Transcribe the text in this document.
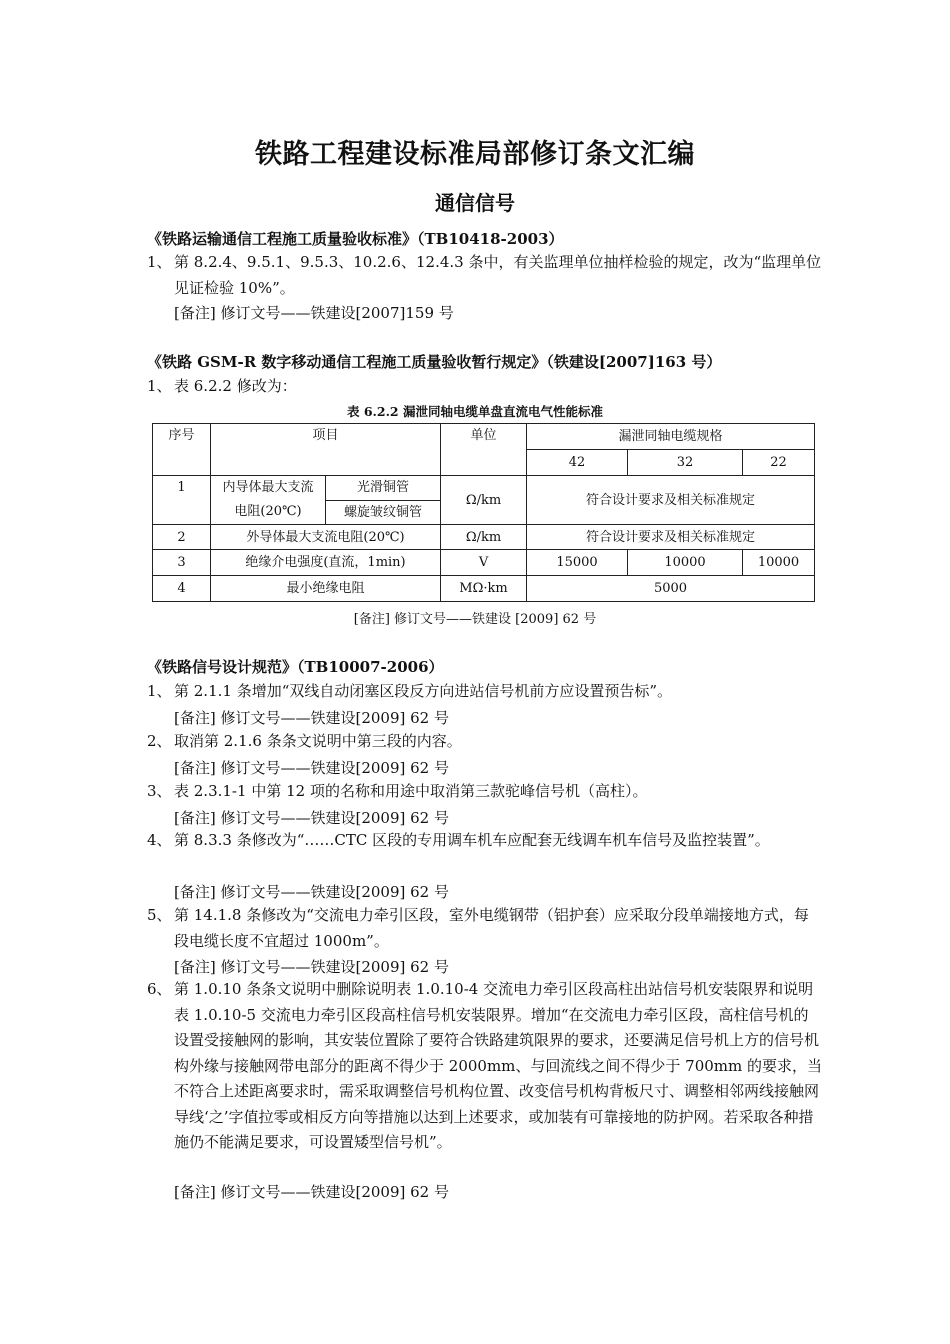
铁路工程建设标准局部修订条文汇编
通信信号
《铁路运输通信工程施工质量验收标准》（TB10418-2003）
1、 第 8.2.4、9.5.1、9.5.3、10.2.6、12.4.3 条中，有关监理单位抽样检验的规定，改为“监理单位见证检验 10%”。
[备注] 修订文号——铁建设[2007]159 号
《铁路 GSM-R 数字移动通信工程施工质量验收暂行规定》（铁建设[2007]163 号）
1、 表 6.2.2 修改为：
表 6.2.2 漏泄同轴电缆单盘直流电气性能标准
序号	项目		单位	漏泄同轴电缆规格		
				42	32	22
1	内导体最大支流电阻(20℃)	光滑铜管	Ω/km	符合设计要求及相关标准规定		
		螺旋皱纹铜管				
2	外导体最大支流电阻(20℃)		Ω/km	符合设计要求及相关标准规定		
3	绝缘介电强度(直流，1min)		V	15000	10000	10000
4	最小绝缘电阻		MΩ·km	5000		
[备注] 修订文号——铁建设 [2009] 62 号
《铁路信号设计规范》（TB10007-2006）
1、 第 2.1.1 条增加“双线自动闭塞区段反方向进站信号机前方应设置预告标”。
[备注] 修订文号——铁建设[2009] 62 号
2、 取消第 2.1.6 条条文说明中第三段的内容。
[备注] 修订文号——铁建设[2009] 62 号
3、 表 2.3.1-1 中第 12 项的名称和用途中取消第三款驼峰信号机（高柱）。
[备注] 修订文号——铁建设[2009] 62 号
4、 第 8.3.3 条修改为“……CTC 区段的专用调车机车应配套无线调车机车信号及监控装置”。
[备注] 修订文号——铁建设[2009] 62 号
5、 第 14.1.8 条修改为“交流电力牵引区段，室外电缆钢带（铝护套）应采取分段单端接地方式，每段电缆长度不宜超过 1000m”。
[备注] 修订文号——铁建设[2009] 62 号
6、 第 1.0.10 条条文说明中删除说明表 1.0.10-4 交流电力牵引区段高柱出站信号机安装限界和说明表 1.0.10-5 交流电力牵引区段高柱信号机安装限界。增加“在交流电力牵引区段，高柱信号机的设置受接触网的影响，其安装位置除了要符合铁路建筑限界的要求，还要满足信号机上方的信号机构外缘与接触网带电部分的距离不得少于 2000mm、与回流线之间不得少于 700mm 的要求，当不符合上述距离要求时，需采取调整信号机构位置、改变信号机构背板尺寸、调整相邻两线接触网导线‘之’字值拉零或相反方向等措施以达到上述要求，或加装有可靠接地的防护网。若采取各种措施仍不能满足要求，可设置矮型信号机”。
[备注] 修订文号——铁建设[2009] 62 号
